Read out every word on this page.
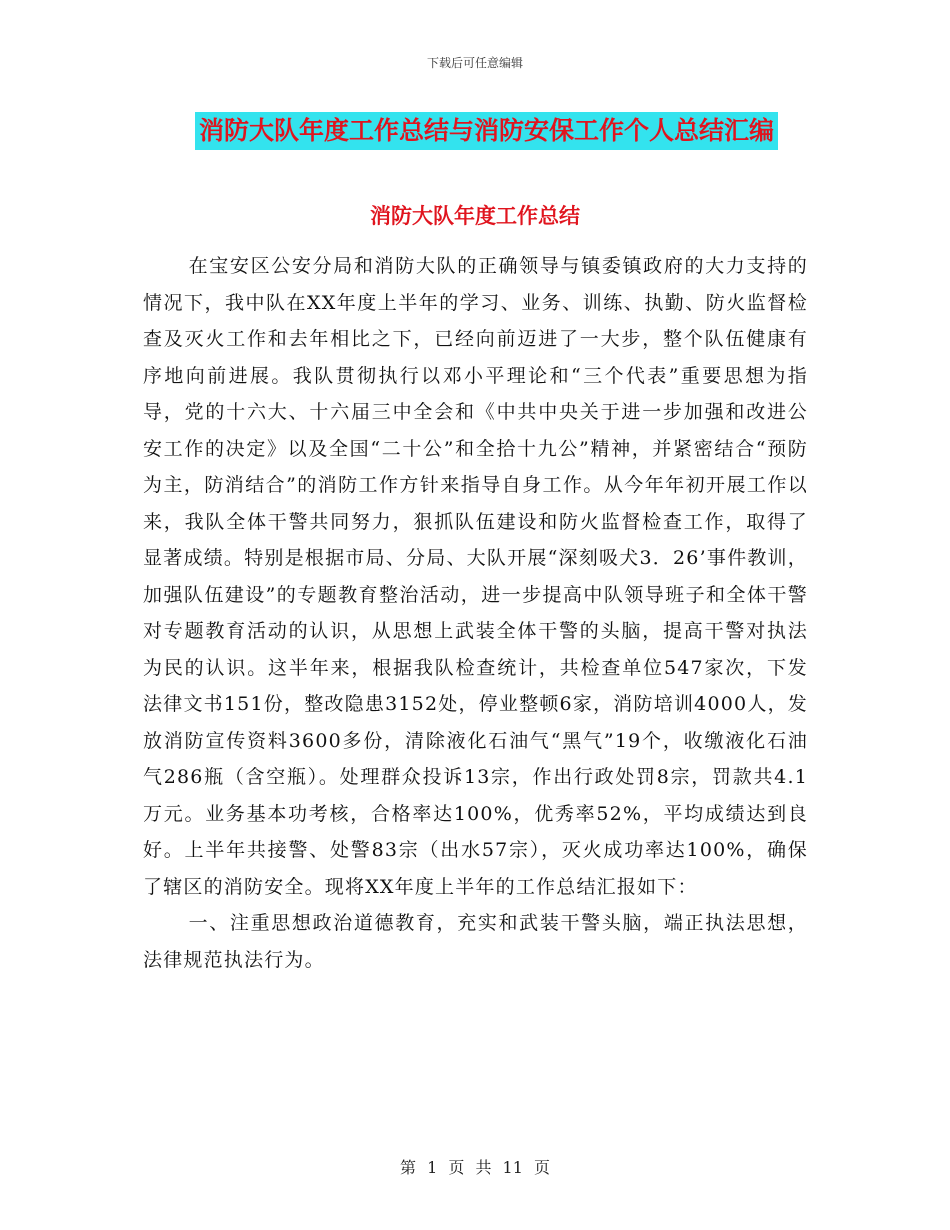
下载后可任意编辑
消防大队年度工作总结与消防安保工作个人总结汇编
消防大队年度工作总结

在宝安区公安分局和消防大队的正确领导与镇委镇政府的大力支持的情况下，我中队在XX年度上半年的学习、业务、训练、执勤、防火监督检查及灭火工作和去年相比之下，已经向前迈进了一大步，整个队伍健康有序地向前进展。我队贯彻执行以邓小平理论和“三个代表”重要思想为指导，党的十六大、十六届三中全会和《中共中央关于进一步加强和改进公安工作的决定》以及全国“二十公”和全拾十九公”精神，并紧密结合“预防为主，防消结合”的消防工作方针来指导自身工作。从今年年初开展工作以来，我队全体干警共同努力，狠抓队伍建设和防火监督检查工作，取得了显著成绩。特别是根据市局、分局、大队开展“深刻吸犬3．26’事件教训，加强队伍建设”的专题教育整治活动，进一步提高中队领导班子和全体干警对专题教育活动的认识，从思想上武装全体干警的头脑，提高干警对执法为民的认识。这半年来，根据我队检查统计，共检查单位547家次，下发法律文书151份，整改隐患3152处，停业整顿6家，消防培训4000人，发放消防宣传资料3600多份，清除液化石油气“黑气”19个，收缴液化石油气286瓶（含空瓶）。处理群众投诉13宗，作出行政处罚8宗，罚款共4.1万元。业务基本功考核，合格率达100%，优秀率52%，平均成绩达到良好。上半年共接警、处警83宗（出水57宗），灭火成功率达100%，确保了辖区的消防安全。现将XX年度上半年的工作总结汇报如下：

一、注重思想政治道德教育，充实和武装干警头脑，端正执法思想，法律规范执法行为。

第 1 页 共 11 页
